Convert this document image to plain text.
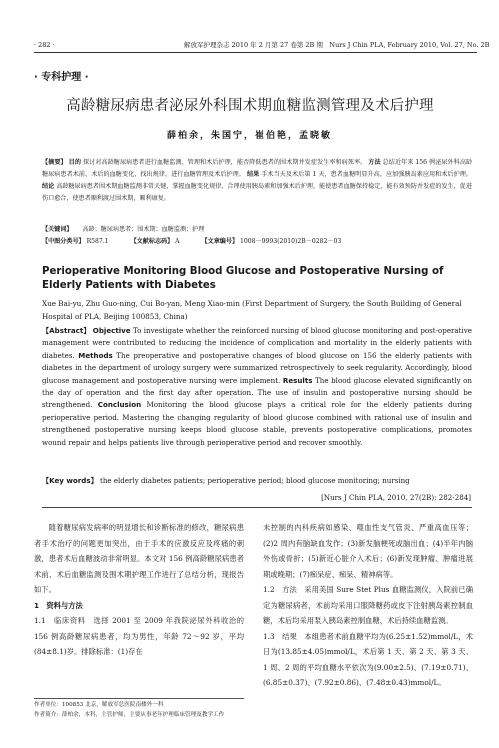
· 282 ·	解放军护理杂志 2010 年 2 月第 27 卷第 2B 期　Nurs J Chin PLA, February 2010, Vol. 27, No. 2B
· 专科护理 ·
高龄糖尿病患者泌尿外科围术期血糖监测管理及术后护理
薛柏余，朱国宁，崔伯艳，孟晓敏
【摘要】 目的 探讨对高龄糖尿病患者进行血糖监测、管理和术后护理，能否降低患者的围术期并发症发生率和病死率。 方法 总结近年来 156 例泌尿外科高龄糖尿病患者术前、术后的血糖变化，找出规律，进行血糖管理及术后护理。 结果 手术当天及术后第 1 天，患者血糖明显升高，应加强胰岛素应用和术后护理。 结论 高龄糖尿病患者围术期血糖监测非常关键，掌握血糖变化规律，合理使用胰岛素和加强术后护理，能使患者血糖保持稳定，能有效预防并发症的发生，促进伤口愈合，使患者顺利渡过围术期，顺利康复。
【关键词】 高龄；糖尿病患者；围术期；血糖监测；护理
【中图分类号】 R587.1	【文献标志码】 A	【文章编号】 1008－9993(2010)2B－0282－03
Perioperative Monitoring Blood Glucose and Postoperative Nursing of Elderly Patients with Diabetes
Xue Bai-yu, Zhu Guo-ning, Cui Bo-yan, Meng Xiao-min (First Department of Surgery, the South Building of General Hospital of PLA, Beijing 100853, China)
【Abstract】 Objective To investigate whether the reinforced nursing of blood glucose monitoring and post-operative management were contributed to reducing the incidence of complication and mortality in the elderly patients with diabetes. Methods The preoperative and postoperative changes of blood glucose on 156 the elderly patients with diabetes in the department of urology surgery were summarized retrospectively to seek regularity. Accordingly, blood glucose management and postoperative nursing were implement. Results The blood glucose elevated significantly on the day of operation and the first day after operation. The use of insulin and postoperative nursing should be strengthened. Conclusion Monitoring the blood glucose plays a critical role for the elderly patients during perioperative period. Mastering the changing regularity of blood glucose combined with rational use of insulin and strengthened postoperative nursing keeps blood glucose stable, prevents postoperative complications, promotes wound repair and helps patients live through perioperative period and recover smoothly.
【Key words】 the elderly diabetes patients; perioperative period; blood glucose monitoring; nursing
[Nurs J Chin PLA, 2010, 27(2B): 282-284]

随着糖尿病发病率的明显增长和诊断标准的修改，糖尿病患者手术治疗的问题更加突出，由于手术的应激反应及疼痛的刺激，患者术后血糖波动非常明显。本文对 156 例高龄糖尿病患者术前、术后血糖监测及围术期护理工作进行了总结分析，现报告如下。

1　资料与方法

1.1　临床资料　选择 2001 至 2009 年我院泌尿外科收治的 156 例高龄糖尿病患者，均为男性，年龄 72～92 岁，平均(84±8.1)岁。排除标准：(1)存在

未控制的内科疾病如感染、噬血性支气管炎、严重高血压等；(2)2 周内有脑缺血发作；(3)新发脑梗死或脑出血；(4)半年内脑外伤或骨折；(5)新近心脏介入术后；(6)新发现肿瘤、肿瘤进展期或晚期；(7)痴呆症、痴呆、精神病等。

1.2　方法　采用美国 Sure Stet Plus 血糖监测仪，入院前已确定为糖尿病者，术前均采用口服降糖药或皮下注射胰岛素控制血糖，术后均采用泵入胰岛素控制血糖，术后持续血糖监测。

1.3　结果　本组患者术前血糖平均为(6.25±1.52)mmol/L，术日为(13.85±4.05)mmol/L，术后第 1 天、第 2 天、第 3 天、1 周、2 周的平均血糖水平依次为(9.00±2.5)、(7.19±0.71)、(6.85±0.37)、(7.92±0.86)、(7.48±0.43)mmol/L。

作者单位：100853 北京，解放军总医院南楼外一科
作者简介：薛柏余，本科，主管护师，主要从事老年护理临床管理及教学工作
